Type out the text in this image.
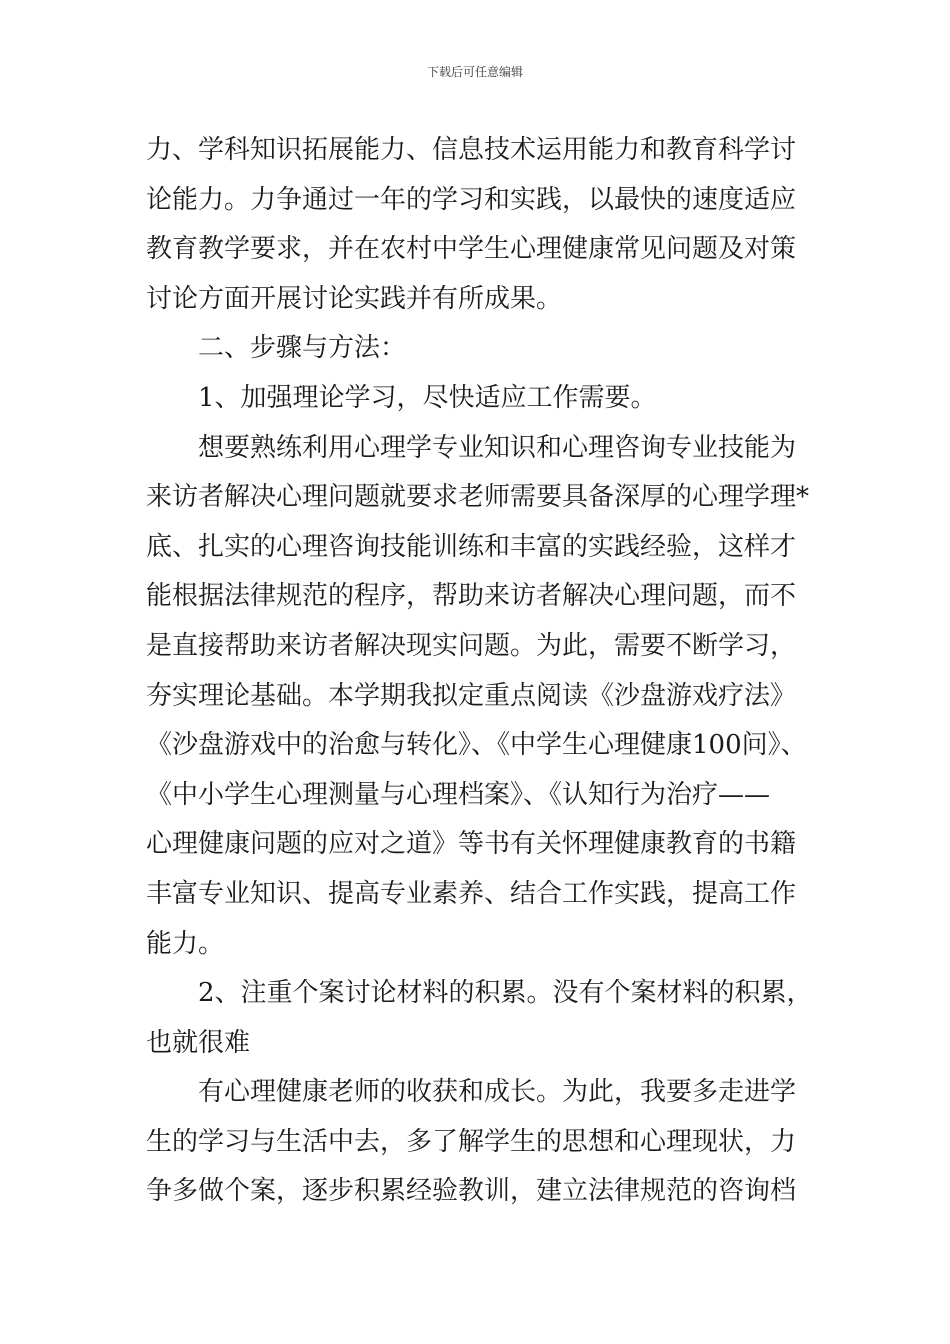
下载后可任意编辑
力、学科知识拓展能力、信息技术运用能力和教育科学讨
论能力。力争通过一年的学习和实践，以最快的速度适应
教育教学要求，并在农村中学生心理健康常见问题及对策
讨论方面开展讨论实践并有所成果。
二、步骤与方法：
1、加强理论学习，尽快适应工作需要。
想要熟练利用心理学专业知识和心理咨询专业技能为
来访者解决心理问题就要求老师需要具备深厚的心理学理*
底、扎实的心理咨询技能训练和丰富的实践经验，这样才
能根据法律规范的程序，帮助来访者解决心理问题，而不
是直接帮助来访者解决现实问题。为此，需要不断学习，
夯实理论基础。本学期我拟定重点阅读《沙盘游戏疗法》
《沙盘游戏中的治愈与转化》、《中学生心理健康100问》、
《中小学生心理测量与心理档案》、《认知行为治疗——
心理健康问题的应对之道》等书有关怀理健康教育的书籍
丰富专业知识、提高专业素养、结合工作实践，提高工作
能力。
2、注重个案讨论材料的积累。没有个案材料的积累，
也就很难
有心理健康老师的收获和成长。为此，我要多走进学
生的学习与生活中去，多了解学生的思想和心理现状，力
争多做个案，逐步积累经验教训，建立法律规范的咨询档
